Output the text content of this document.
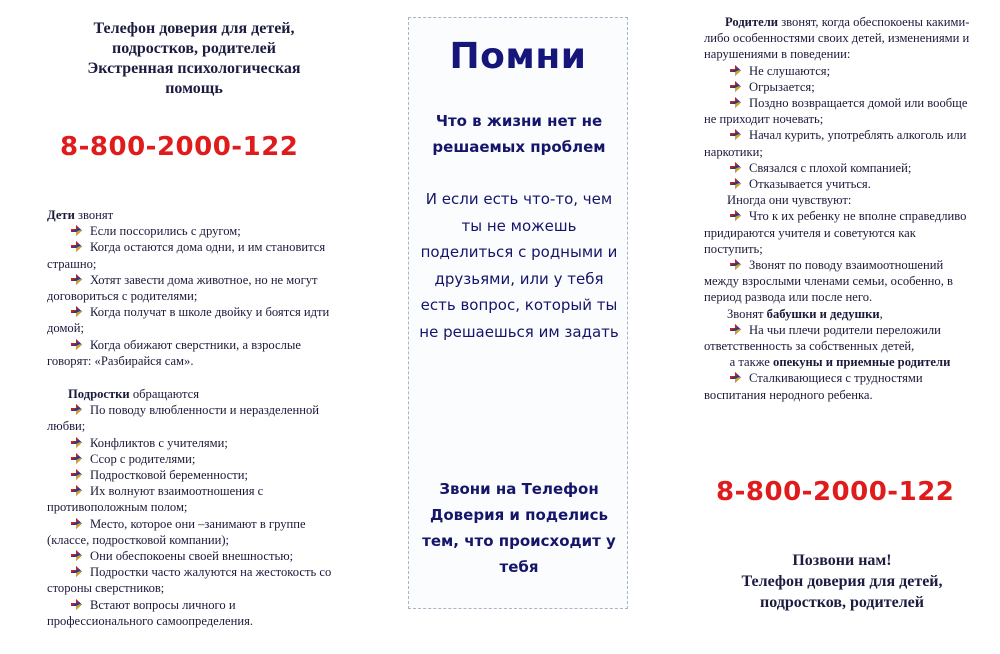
Телефон доверия для детей,
подростков, родителей
Экстренная психологическая
помощь
8-800-2000-122
Дети звонят
Если поссорились с другом;
Когда остаются дома одни, и им становится страшно;
Хотят завести дома животное, но не могут договориться с родителями;
Когда получат в школе двойку и боятся идти домой;
Когда обижают сверстники, а взрослые говорят: «Разбирайся сам».
Подростки обращаются
По поводу влюбленности и неразделенной любви;
Конфликтов с учителями;
Ссор с родителями;
Подростковой беременности;
Их волнуют взаимоотношения с противоположным полом;
Место, которое они –занимают в группе (классе, подростковой компании);
Они обеспокоены своей внешностью;
Подростки часто жалуются на жестокость со стороны сверстников;
Встают вопросы личного и профессионального самоопределения.
Помни
Что в жизни нет не решаемых проблем
И если есть что-то, чем ты не можешь поделиться с родными и друзьями, или у тебя есть вопрос, который ты не решаешься им задать
Звони на Телефон Доверия и поделись тем, что происходит у тебя
Родители звонят, когда обеспокоены какими-либо особенностями своих детей, изменениями и нарушениями в поведении:
Не слушаются;
Огрызается;
Поздно возвращается домой или вообще не приходит ночевать;
Начал курить, употреблять алкоголь или наркотики;
Связался с плохой компанией;
Отказывается учиться.
Иногда они чувствуют:
Что к их ребенку не вполне справедливо придираются учителя и советуются как поступить;
Звонят по поводу взаимоотношений между взрослыми членами семьи, особенно, в период развода или после него.
Звонят бабушки и дедушки,
На чьи плечи родители переложили ответственность за собственных детей,
а также опекуны и приемные родители
Сталкивающиеся с трудностями воспитания неродного ребенка.
8-800-2000-122
Позвони нам!
Телефон доверия для детей,
подростков, родителей
